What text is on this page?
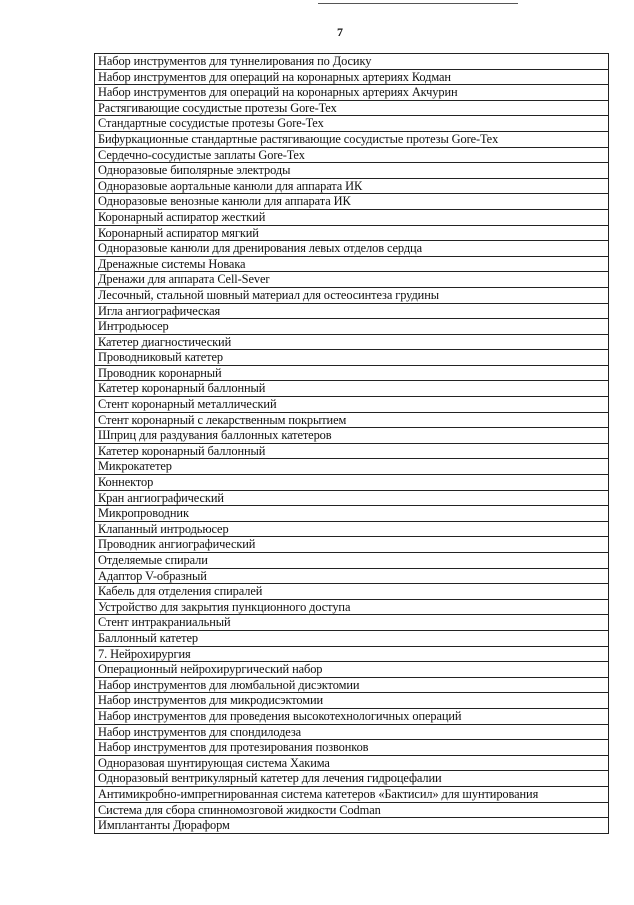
7
Набор инструментов для туннелирования по Досику
Набор инструментов для операций на коронарных артериях Кодман
Набор инструментов для операций на коронарных артериях Акчурин
Растягивающие сосудистые протезы Gore-Tex
Стандартные сосудистые протезы Gore-Tex
Бифуркационные стандартные растягивающие сосудистые протезы Gore-Tex
Сердечно-сосудистые заплаты Gore-Tex
Одноразовые биполярные электроды
Одноразовые аортальные канюли для аппарата ИК
Одноразовые венозные канюли для аппарата ИК
Коронарный аспиратор жесткий
Коронарный аспиратор мягкий
Одноразовые канюли для дренирования левых отделов сердца
Дренажные системы Новака
Дренажи для аппарата Cell-Sever
Лесочный, стальной шовный материал для остеосинтеза грудины
Игла ангиографическая
Интродьюсер
Катетер диагностический
Проводниковый катетер
Проводник коронарный
Катетер коронарный баллонный
Стент коронарный металлический
Стент коронарный с лекарственным покрытием
Шприц для раздувания баллонных катетеров
Катетер коронарный баллонный
Микрокатетер
Коннектор
Кран ангиографический
Микропроводник
Клапанный интродьюсер
Проводник ангиографический
Отделяемые спирали
Адаптор V-образный
Кабель для отделения спиралей
Устройство для закрытия пункционного доступа
Стент интракраниальный
Баллонный катетер
7. Нейрохирургия
Операционный нейрохирургический набор
Набор инструментов для люмбальной дисэктомии
Набор инструментов для микродисэктомии
Набор инструментов для проведения высокотехнологичных операций
Набор инструментов для спондилодеза
Набор инструментов для протезирования позвонков
Одноразовая шунтирующая система Хакима
Одноразовый вентрикулярный катетер для лечения гидроцефалии
Антимикробно-импрегнированная система катетеров «Бактисил» для шунтирования
Система для сбора спинномозговой жидкости Codman
Имплантанты Дюраформ
